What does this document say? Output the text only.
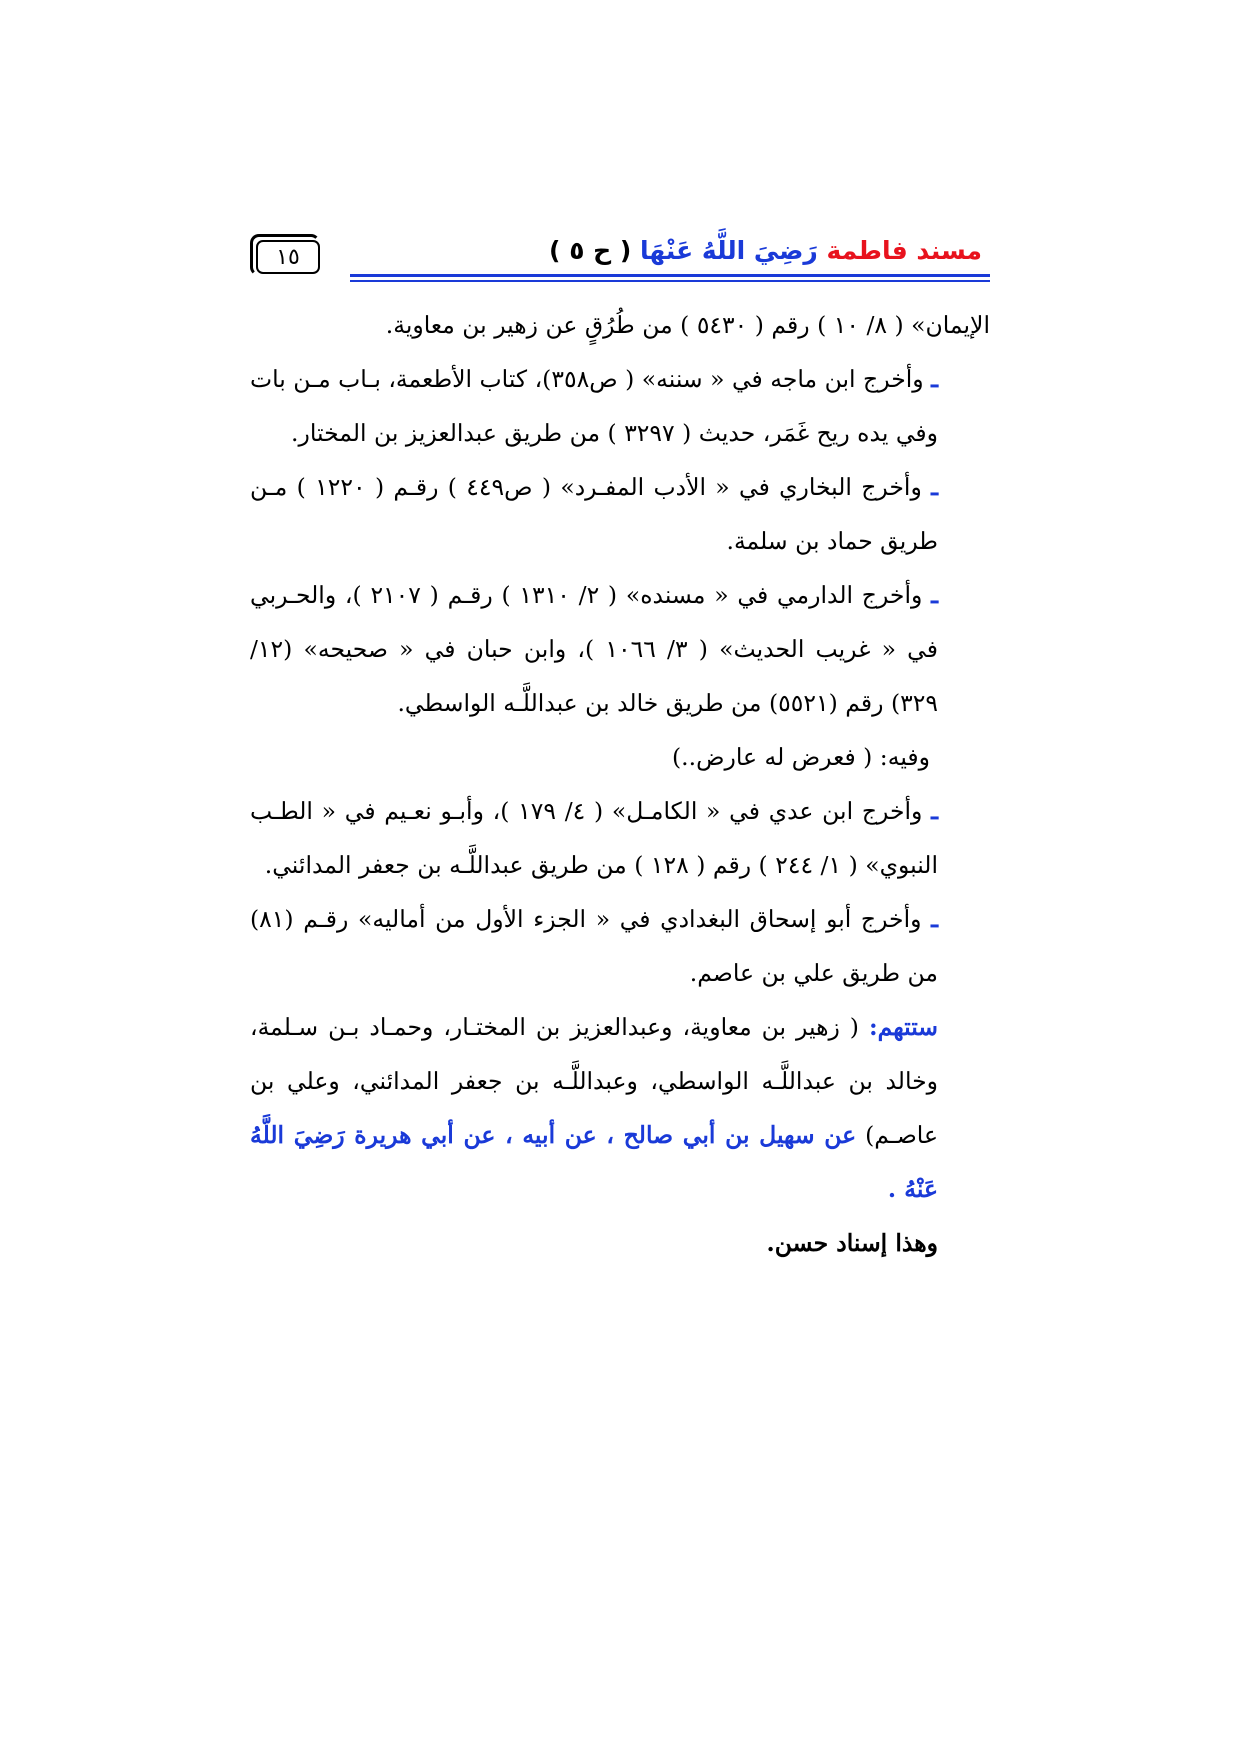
١٥	مسند فاطمة رَضِيَ اللَّهُ عَنْهَا ( ح ٥ )

الإيمان» ( ٨/ ١٠ ) رقم ( ٥٤٣٠ ) من طُرُقٍ عن زهير بن معاوية.

ـ وأخرج ابن ماجه في « سننه» ( ص٣٥٨)، كتاب الأطعمة، بـاب مـن بات وفي يده ريح غَمَر، حديث ( ٣٢٩٧ ) من طريق عبدالعزيز بن المختار.

ـ وأخرج البخاري في « الأدب المفـرد» ( ص٤٤٩ ) رقـم ( ١٢٢٠ ) مـن طريق حماد بن سلمة.

ـ وأخرج الدارمي في « مسنده» ( ٢/ ١٣١٠ ) رقـم ( ٢١٠٧ )، والحـربي في « غريب الحديث» ( ٣/ ١٠٦٦ )، وابن حبان في « صحيحه» (١٢/ ٣٢٩) رقم (٥٥٢١) من طريق خالد بن عبداللَّـه الواسطي.

وفيه: ( فعرض له عارض..)

ـ وأخرج ابن عدي في « الكامـل» ( ٤/ ١٧٩ )، وأبـو نعـيم في « الطـب النبوي» ( ١/ ٢٤٤ ) رقم ( ١٢٨ ) من طريق عبداللَّـه بن جعفر المدائني.

ـ وأخرج أبو إسحاق البغدادي في « الجزء الأول من أماليه» رقـم (٨١) من طريق علي بن عاصم.

ستتهم: ( زهير بن معاوية، وعبدالعزيز بن المختـار، وحمـاد بـن سـلمة، وخالد بن عبداللَّـه الواسطي، وعبداللَّـه بن جعفر المدائني، وعلي بن عاصـم) عن سهيل بن أبي صالح ، عن أبيه ، عن أبي هريرة رَضِيَ اللَّهُ عَنْهُ .

وهذا إسناد حسن.
